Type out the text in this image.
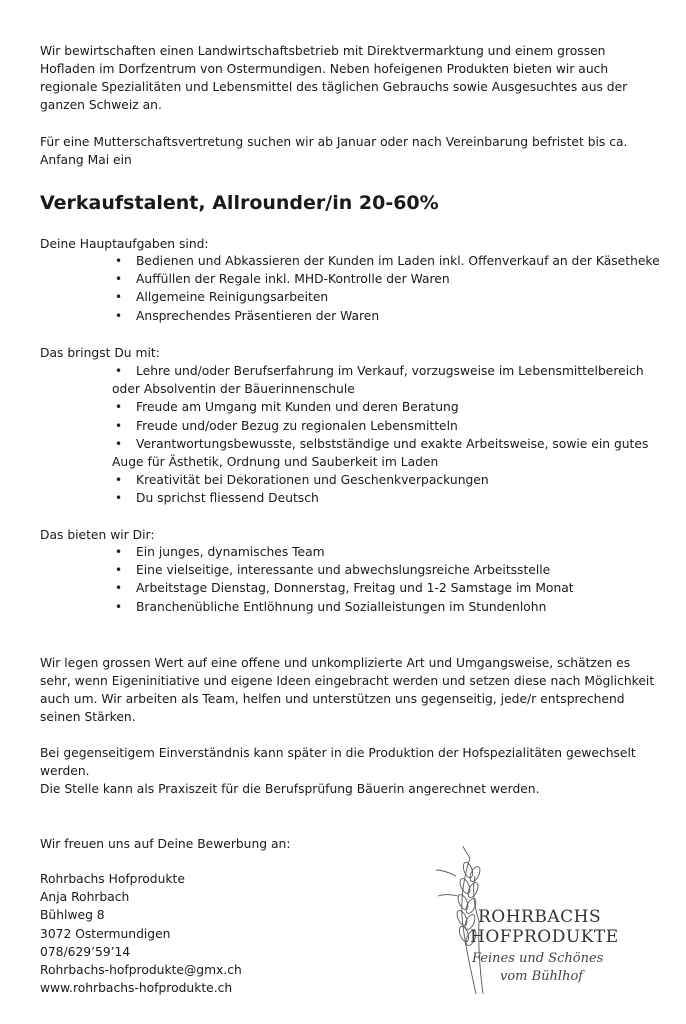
Wir bewirtschaften einen Landwirtschaftsbetrieb mit Direktvermarktung und einem grossen

Hofladen im Dorfzentrum von Ostermundigen. Neben hofeigenen Produkten bieten wir auch

regionale Spezialitäten und Lebensmittel des täglichen Gebrauchs sowie Ausgesuchtes aus der

ganzen Schweiz an.

Für eine Mutterschaftsvertretung suchen wir ab Januar oder nach Vereinbarung befristet bis ca.

Anfang Mai ein

Verkaufstalent, Allrounder/in 20-60%

Deine Hauptaufgaben sind:

• Bedienen und Abkassieren der Kunden im Laden inkl. Offenverkauf an der Käsetheke
• Auffüllen der Regale inkl. MHD-Kontrolle der Waren
• Allgemeine Reinigungsarbeiten
• Ansprechendes Präsentieren der Waren

Das bringst Du mit:

• Lehre und/oder Berufserfahrung im Verkauf, vorzugsweise im Lebensmittelbereich
oder Absolventin der Bäuerinnenschule
• Freude am Umgang mit Kunden und deren Beratung
• Freude und/oder Bezug zu regionalen Lebensmitteln
• Verantwortungsbewusste, selbstständige und exakte Arbeitsweise, sowie ein gutes
Auge für Ästhetik, Ordnung und Sauberkeit im Laden
• Kreativität bei Dekorationen und Geschenkverpackungen
• Du sprichst fliessend Deutsch

Das bieten wir Dir:

• Ein junges, dynamisches Team
• Eine vielseitige, interessante und abwechslungsreiche Arbeitsstelle
• Arbeitstage Dienstag, Donnerstag, Freitag und 1-2 Samstage im Monat
• Branchenübliche Entlöhnung und Sozialleistungen im Stundenlohn

Wir legen grossen Wert auf eine offene und unkomplizierte Art und Umgangsweise, schätzen es

sehr, wenn Eigeninitiative und eigene Ideen eingebracht werden und setzen diese nach Möglichkeit

auch um. Wir arbeiten als Team, helfen und unterstützen uns gegenseitig, jede/r entsprechend

seinen Stärken.

Bei gegenseitigem Einverständnis kann später in die Produktion der Hofspezialitäten gewechselt

werden.

Die Stelle kann als Praxiszeit für die Berufsprüfung Bäuerin angerechnet werden.

Wir freuen uns auf Deine Bewerbung an:

Rohrbachs Hofprodukte
Anja Rohrbach
Bühlweg 8
3072 Ostermundigen
078/629’59’14
Rohrbachs-hofprodukte@gmx.ch
www.rohrbachs-hofprodukte.ch
ROHRBACHS
HOFPRODUKTE
Feines und Schönes
vom Bühlhof
